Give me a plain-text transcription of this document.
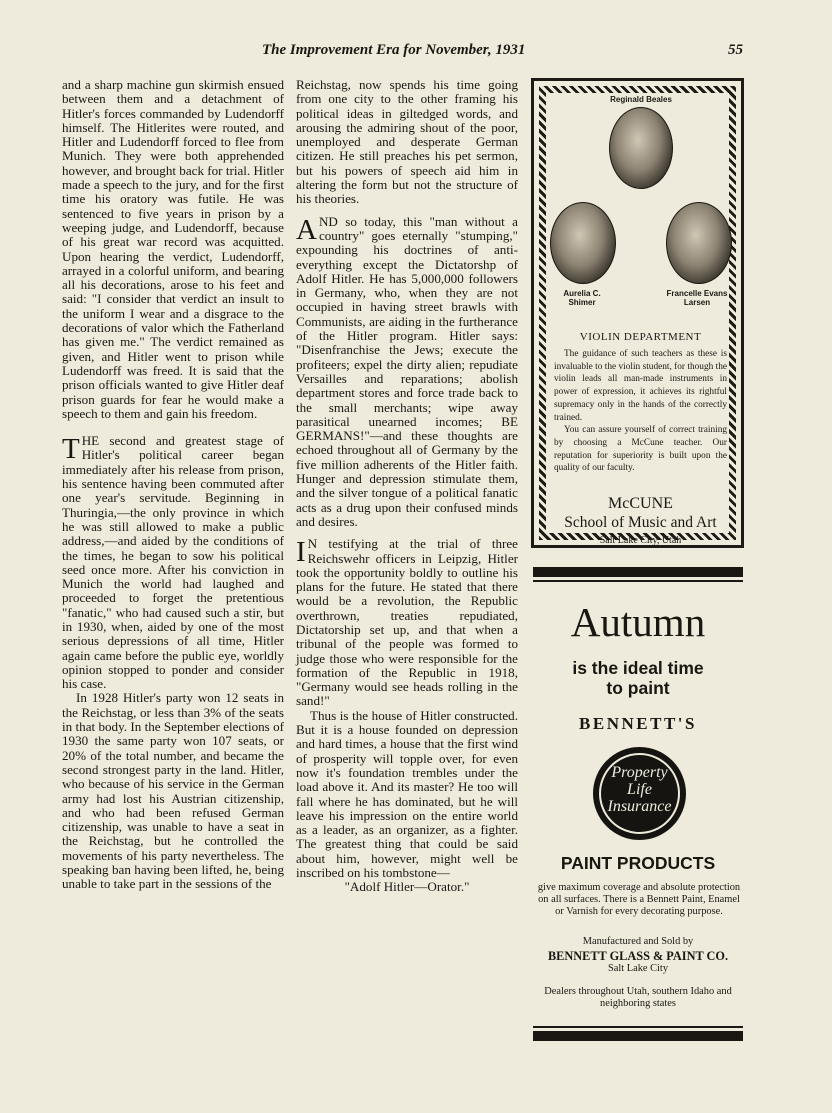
The Improvement Era for November, 1931	55

and a sharp machine gun skirmish ensued between them and a detachment of Hitler's forces commanded by Ludendorff himself. The Hitlerites were routed, and Hitler and Ludendorff forced to flee from Munich. They were both apprehended however, and brought back for trial. Hitler made a speech to the jury, and for the first time his oratory was futile. He was sentenced to five years in prison by a weeping judge, and Ludendorff, because of his great war record was acquitted. Upon hearing the verdict, Ludendorff, arrayed in a colorful uniform, and bearing all his decorations, arose to his feet and said: "I consider that verdict an insult to the uniform I wear and a disgrace to the decorations of valor which the Fatherland has given me." The verdict remained as given, and Hitler went to prison while Ludendorff was freed. It is said that the prison officials wanted to give Hitler deaf prison guards for fear he would make a speech to them and gain his freedom.

THE second and greatest stage of Hitler's political career began immediately after his release from prison, his sentence having been commuted after one year's servitude. Beginning in Thuringia,—the only province in which he was still allowed to make a public address,—and aided by the conditions of the times, he began to sow his political seed once more. After his conviction in Munich the world had laughed and proceeded to forget the pretentious "fanatic," who had caused such a stir, but in 1930, when, aided by one of the most serious depressions of all time, Hitler again came before the public eye, worldly opinion stopped to ponder and consider his case.

In 1928 Hitler's party won 12 seats in the Reichstag, or less than 3% of the seats in that body. In the September elections of 1930 the same party won 107 seats, or 20% of the total number, and became the second strongest party in the land. Hitler, who because of his service in the German army had lost his Austrian citizenship, and who had been refused German citizenship, was unable to have a seat in the Reichstag, but he controlled the movements of his party nevertheless. The speaking ban having been lifted, he, being unable to take part in the sessions of the

Reichstag, now spends his time going from one city to the other framing his political ideas in giltedged words, and arousing the admiring shout of the poor, unemployed and desperate German citizen. He still preaches his pet sermon, but his powers of speech aid him in altering the form but not the structure of his theories.

AND so today, this "man without a country" goes eternally "stumping," expounding his doctrines of anti-everything except the Dictatorshp of Adolf Hitler. He has 5,000,000 followers in Germany, who, when they are not occupied in having street brawls with Communists, are aiding in the furtherance of the Hitler program. Hitler says: "Disenfranchise the Jews; execute the profiteers; expel the dirty alien; repudiate Versailles and reparations; abolish department stores and force trade back to the small merchants; wipe away parasitical unearned incomes; BE GERMANS!"—and these thoughts are echoed throughout all of Germany by the five million adherents of the Hitler faith. Hunger and depression stimulate them, and the silver tongue of a political fanatic acts as a drug upon their confused minds and desires.

I N testifying at the trial of three Reichswehr officers in Leipzig, Hitler took the opportunity boldly to outline his plans for the future. He stated that there would be a revolution, the Republic overthrown, treaties repudiated, Dictatorship set up, and that when a tribunal of the people was formed to judge those who were responsible for the formation of the Republic in 1918, "Germany would see heads rolling in the sand!"

Thus is the house of Hitler constructed. But it is a house founded on depression and hard times, a house that the first wind of prosperity will topple over, for even now it's foundation trembles under the load above it. And its master? He too will fall where he has dominated, but he will leave his impression on the entire world as a leader, as an organizer, as a fighter. The greatest thing that could be said about him, however, might well be inscribed on his tombstone—

"Adolf Hitler—Orator."

Reginald Beales
Aurelia C.
Shimer
Francelle Evans
Larsen
VIOLIN DEPARTMENT

The guidance of such teachers as these is invaluable to the violin student, for though the violin leads all man-made instruments in power of expression, it achieves its rightful supremacy only in the hands of the correctly trained.

You can assure yourself of correct training by choosing a McCune teacher. Our reputation for superiority is built upon the quality of our faculty.

McCUNE
School of Music and Art
Salt Lake City, Utah
Autumn
is the ideal time
to paint
BENNETT'S
Property
Life
Insurance
PAINT PRODUCTS
give maximum coverage and absolute protection on all surfaces. There is a Bennett Paint, Enamel or Varnish for every decorating purpose.
Manufactured and Sold by
BENNETT GLASS & PAINT CO.
Salt Lake City
Dealers throughout Utah, southern Idaho and neighboring states
